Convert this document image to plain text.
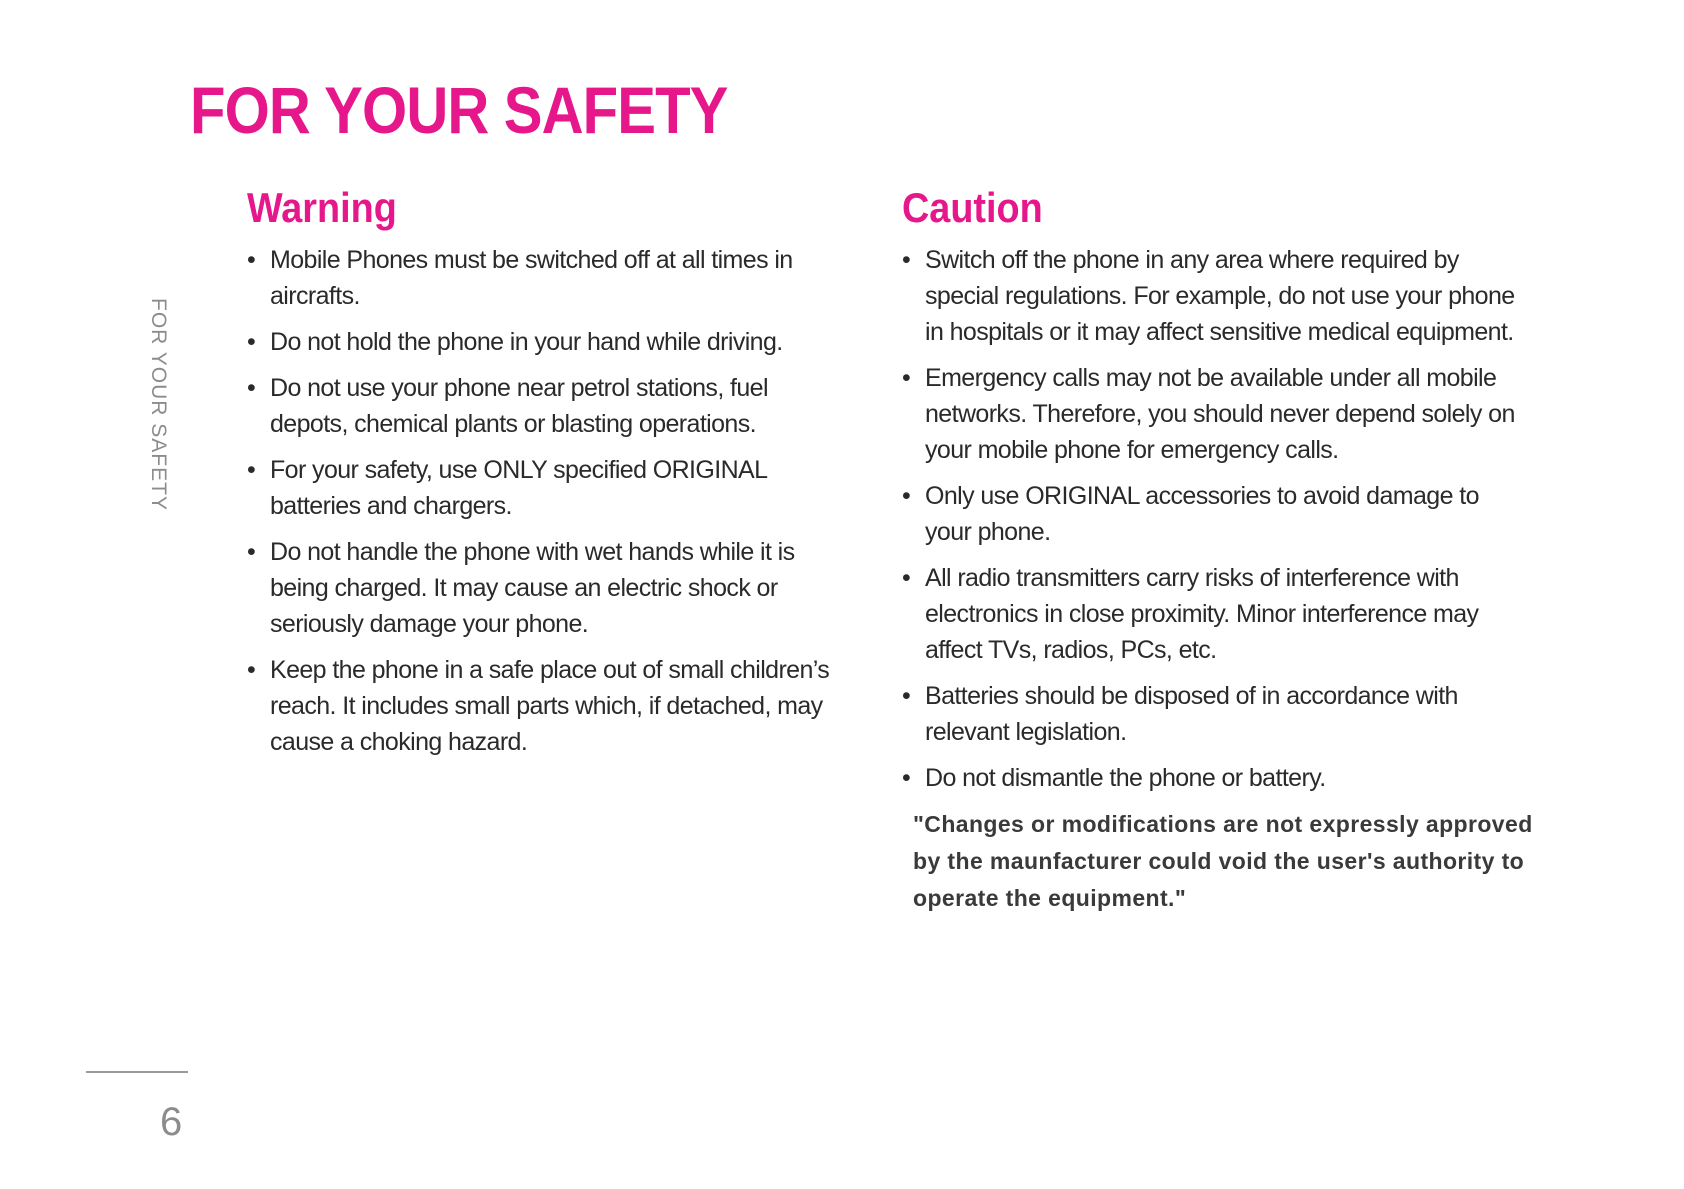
FOR YOUR SAFETY
FOR YOUR SAFETY
Warning
• Mobile Phones must be switched off at all times in aircrafts.
• Do not hold the phone in your hand while driving.
• Do not use your phone near petrol stations, fuel depots, chemical plants or blasting operations.
• For your safety, use ONLY specified ORIGINAL batteries and chargers.
• Do not handle the phone with wet hands while it is being charged. It may cause an electric shock or seriously damage your phone.
• Keep the phone in a safe place out of small children’s reach. It includes small parts which, if detached, may cause a choking hazard.
Caution
• Switch off the phone in any area where required by special regulations. For example, do not use your phone in hospitals or it may affect sensitive medical equipment.
• Emergency calls may not be available under all mobile networks. Therefore, you should never depend solely on your mobile phone for emergency calls.
• Only use ORIGINAL accessories to avoid damage to your phone.
• All radio transmitters carry risks of interference with electronics in close proximity. Minor interference may affect TVs, radios, PCs, etc.
• Batteries should be disposed of in accordance with relevant legislation.
• Do not dismantle the phone or battery.

"Changes or modifications are not expressly approved by the maunfacturer could void the user's authority to operate the equipment."

6
